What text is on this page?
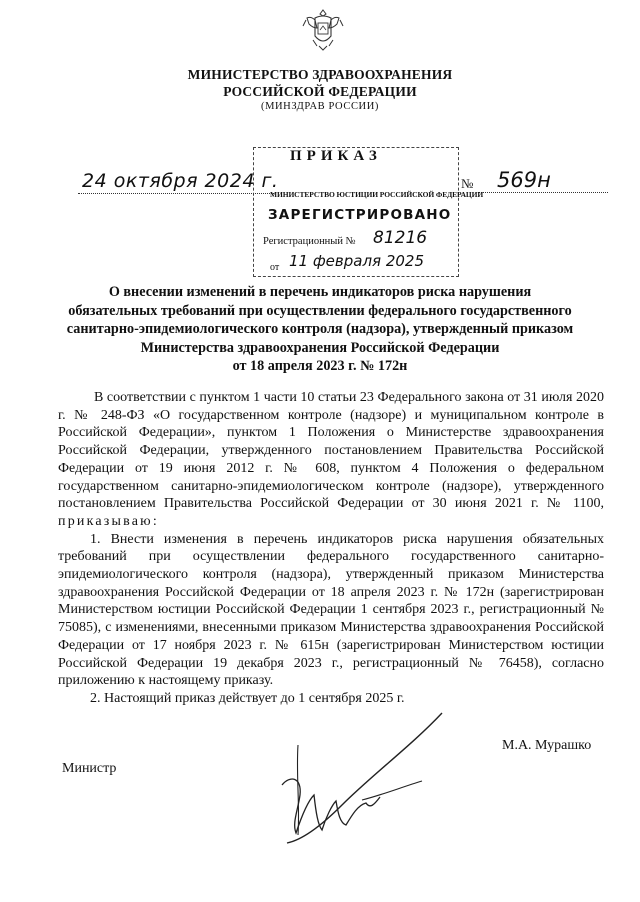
МИНИСТЕРСТВО ЗДРАВООХРАНЕНИЯ
РОССИЙСКОЙ ФЕДЕРАЦИИ
(МИНЗДРАВ РОССИИ)
ПРИКАЗ
24 октября 2024 г.	№ 569н
МИНИСТЕРСТВО ЮСТИЦИИ РОССИЙСКОЙ ФЕДЕРАЦИИ
ЗАРЕГИСТРИРОВАНО
Регистрационный № 81216
от 11 февраля 2025
О внесении изменений в перечень индикаторов риска нарушения
обязательных требований при осуществлении федерального государственного
санитарно-эпидемиологического контроля (надзора), утвержденный приказом
Министерства здравоохранения Российской Федерации
от 18 апреля 2023 г. № 172н

В соответствии с пунктом 1 части 10 статьи 23 Федерального закона от 31 июля 2020 г. № 248-ФЗ «О государственном контроле (надзоре) и муниципальном контроле в Российской Федерации», пунктом 1 Положения о Министерстве здравоохранения Российской Федерации, утвержденного постановлением Правительства Российской Федерации от 19 июня 2012 г. № 608, пунктом 4 Положения о федеральном государственном санитарно-эпидемиологическом контроле (надзоре), утвержденного постановлением Правительства Российской Федерации от 30 июня 2021 г. № 1100, приказываю:

1. Внести изменения в перечень индикаторов риска нарушения обязательных требований при осуществлении федерального государственного санитарно-эпидемиологического контроля (надзора), утвержденный приказом Министерства здравоохранения Российской Федерации от 18 апреля 2023 г. № 172н (зарегистрирован Министерством юстиции Российской Федерации 1 сентября 2023 г., регистрационный № 75085), с изменениями, внесенными приказом Министерства здравоохранения Российской Федерации от 17 ноября 2023 г. № 615н (зарегистрирован Министерством юстиции Российской Федерации 19 декабря 2023 г., регистрационный № 76458), согласно приложению к настоящему приказу.

2. Настоящий приказ действует до 1 сентября 2025 г.

Министр
М.А. Мурашко
